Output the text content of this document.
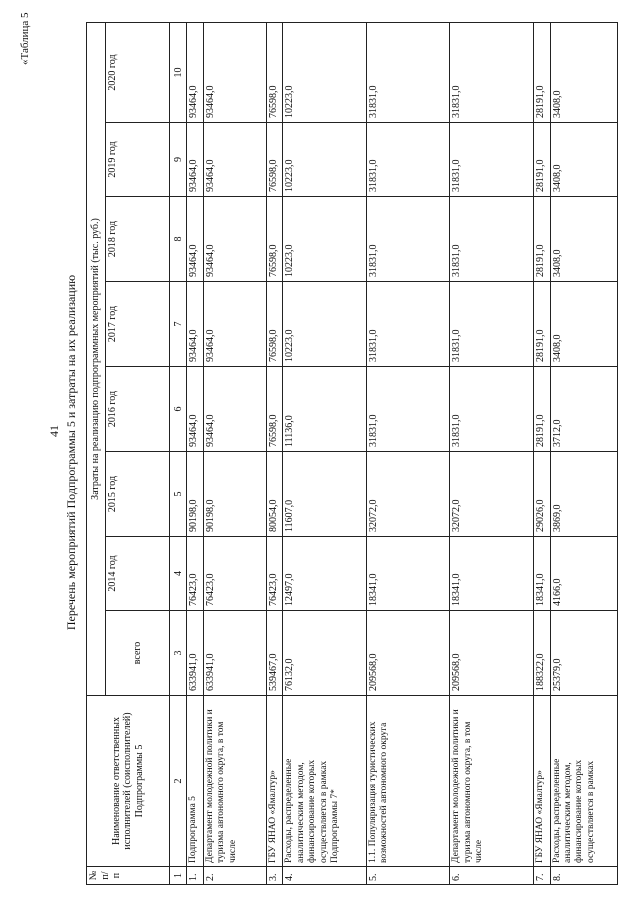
«Таблица 5
41 Перечень мероприятий Подпрограммы 5 и затраты на их реализацию
№ п/п	Наименование ответственных исполнителей (соисполнителей) Подпрограммы 5	Затраты на реализацию подпрограммных мероприятий (тыс. руб.)							
		всего	2014 год	2015 год	2016 год	2017 год	2018 год	2019 год	2020 год
1	2	3	4	5	6	7	8	9	10
1.	Подпрограмма 5	633941,0	76423,0	90198,0	93464,0	93464,0	93464,0	93464,0	93464,0
2.	Департамент молодежной политики и туризма автономного округа, в том числе	633941,0	76423,0	90198,0	93464,0	93464,0	93464,0	93464,0	93464,0
3.	ГБУ ЯНАО «Ямалтур»	539467,0	76423,0	80054,0	76598,0	76598,0	76598,0	76598,0	76598,0
4.	Расходы, распределенные аналитическим методом, финансирование которых осуществляется в рамках Подпрограммы 7*	76132,0	12497,0	11607,0	11136,0	10223,0	10223,0	10223,0	10223,0
5.	1.1. Популяризация туристических возможностей автономного округа	209568,0	18341,0	32072,0	31831,0	31831,0	31831,0	31831,0	31831,0
6.	Департамент молодежной политики и туризма автономного округа, в том числе	209568,0	18341,0	32072,0	31831,0	31831,0	31831,0	31831,0	31831,0
7.	ГБУ ЯНАО «Ямалтур»	188322,0	18341,0	29026,0	28191,0	28191,0	28191,0	28191,0	28191,0
8.	Расходы, распределенные аналитическим методом, финансирование которых осуществляется в рамках	25379,0	4166,0	3869,0	3712,0	3408,0	3408,0	3408,0	3408,0
